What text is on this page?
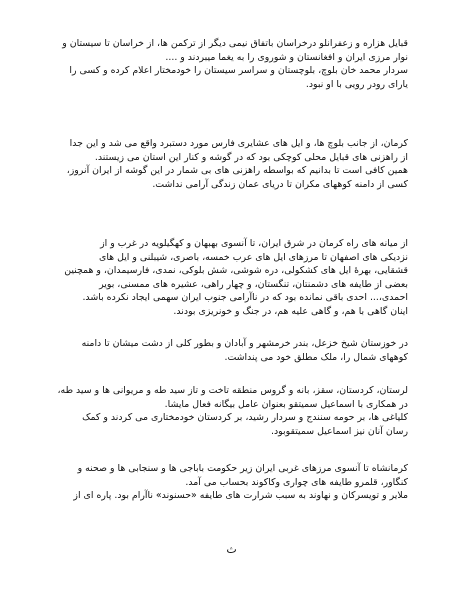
قبایل هزاره و زعفرانلو درخراسان باتفاق نیمی دیگر از ترکمن ها، از خراسان تا سیستان و
نوار مرزی ایران و افغانستان و شوروی را به یغما میبردند و ....
سردار محمد خان بلوچ، بلوچستان و سراسر سیستان را خودمختار اعلام کرده و کسی را
یارای رودر رویی با او نبود.
کرمان، از جانب بلوچ ها، و ایل های عشایری فارس مورد دستبرد واقع می شد و این جدا
از راهزنی های قبایل محلی کوچکی بود که در گوشه و کنار این استان می زیستند.
همین کافی است تا بدانیم که بواسطه راهزنی های بی شمار در این گوشه از ایران آنروز،
کسی از دامنه کوههای مکران تا دریای عمان زندگی آرامی نداشت.
از میانه های راه کرمان در شرق ایران، تا آنسوی بهبهان و کهگیلویه در غرب و از
نزدیکی های اصفهان تا مرزهای ایل های عرب خمسه، باصری، شیبلنی و ایل های
قشقایی، بهرهٔ ایل های کشکولی، دره شوشی، شش بلوکی، نمدی، فارسیمدان، و همچنین
بعضی از طایفه های دشمنتان، تنگستان، و چهار راهی، عشیره های ممسنی، بویر
احمدی،... احدی باقی نمانده بود که در ناآرامی جنوب ایران سهمی ایجاد نکرده باشد.
اینان گاهی با هم، و گاهی علیه هم، در جنگ و خونریزی بودند.
در خوزستان شیخ خزعل، بندر خرمشهر و آبادان و بطور کلی از دشت میشان تا دامنه
کوههای شمال را، ملک مطلق خود می پنداشت.
لرستان، کردستان، سقز، بانه و گروس منطقه تاخت و تاز سید طه و مریوانی ها و سید طه،
در همکاری با اسماعیل سمیتقو بعنوان عامل بیگانه فعال مایشا.
کلیاغی ها، بر حومه سنندج و سردار رشید، بر کردستان خودمختاری می کردند و کمک
رسان آنان نیز اسماعیل سمیتقوبود.
کرمانشاه تا آنسوی مرزهای غربی ایران زیر حکومت باباجی ها و سنجابی ها و صحنه و
کنگاور، قلمرو طایفه های چواری وکاکوند بحساب می آمد.
ملایر و تویسرکان و نهاوند به سبب شرارت های طایفه «حسنوند» ناآرام بود. پاره ای از
ث
